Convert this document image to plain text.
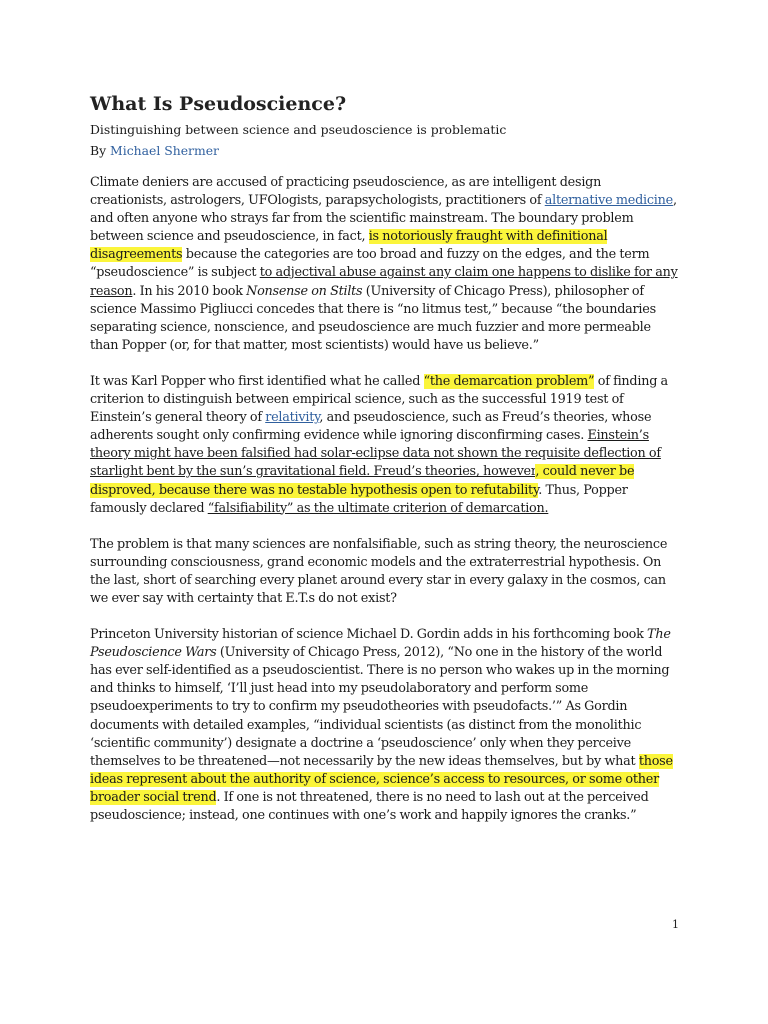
What Is Pseudoscience?
Distinguishing between science and pseudoscience is problematic
By Michael Shermer

Climate deniers are accused of practicing pseudoscience, as are intelligent design creationists, astrologers, UFOlogists, parapsychologists, practitioners of alternative medicine, and often anyone who strays far from the scientific mainstream. The boundary problem between science and pseudoscience, in fact, is notoriously fraught with definitional disagreements because the categories are too broad and fuzzy on the edges, and the term “pseudoscience” is subject to adjectival abuse against any claim one happens to dislike for any reason. In his 2010 book Nonsense on Stilts (University of Chicago Press), philosopher of science Massimo Pigliucci concedes that there is “no litmus test,” because “the boundaries separating science, nonscience, and pseudoscience are much fuzzier and more permeable than Popper (or, for that matter, most scientists) would have us believe.”

It was Karl Popper who first identified what he called “the demarcation problem” of finding a criterion to distinguish between empirical science, such as the successful 1919 test of Einstein’s general theory of relativity, and pseudoscience, such as Freud’s theories, whose adherents sought only confirming evidence while ignoring disconfirming cases. Einstein’s theory might have been falsified had solar-eclipse data not shown the requisite deflection of starlight bent by the sun’s gravitational field. Freud’s theories, however, could never be disproved, because there was no testable hypothesis open to refutability. Thus, Popper famously declared “falsifiability” as the ultimate criterion of demarcation.

The problem is that many sciences are nonfalsifiable, such as string theory, the neuroscience surrounding consciousness, grand economic models and the extraterrestrial hypothesis. On the last, short of searching every planet around every star in every galaxy in the cosmos, can we ever say with certainty that E.T.s do not exist?

Princeton University historian of science Michael D. Gordin adds in his forthcoming book The Pseudoscience Wars (University of Chicago Press, 2012), “No one in the history of the world has ever self-identified as a pseudoscientist. There is no person who wakes up in the morning and thinks to himself, ‘I’ll just head into my pseudolaboratory and perform some pseudoexperiments to try to confirm my pseudotheories with pseudofacts.’” As Gordin documents with detailed examples, “individual scientists (as distinct from the monolithic ‘scientific community’) designate a doctrine a ‘pseudoscience’ only when they perceive themselves to be threatened—not necessarily by the new ideas themselves, but by what those ideas represent about the authority of science, science’s access to resources, or some other broader social trend. If one is not threatened, there is no need to lash out at the perceived pseudoscience; instead, one continues with one’s work and happily ignores the cranks.”

1
